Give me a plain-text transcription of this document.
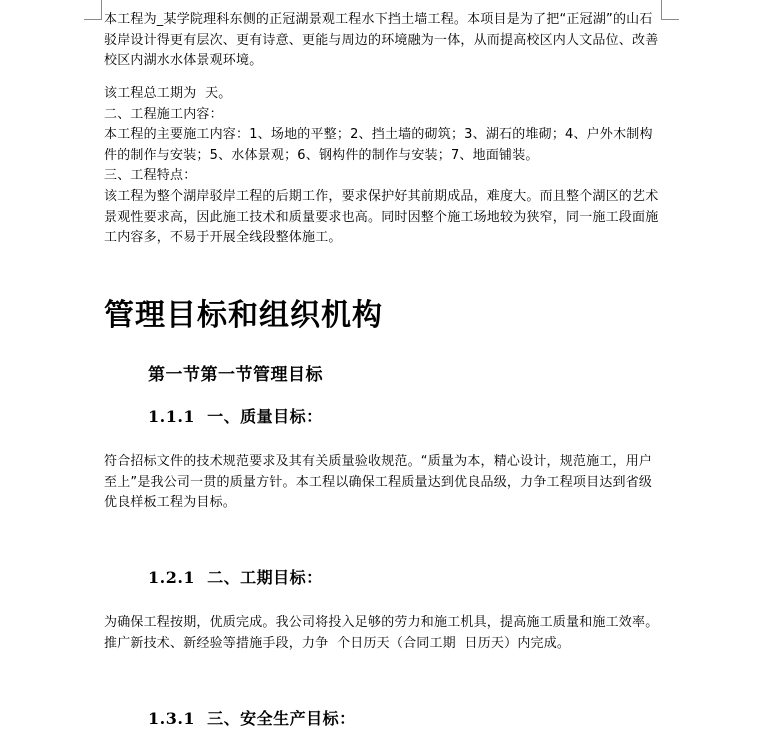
本工程为_某学院理科东侧的正冠湖景观工程水下挡土墙工程。本项目是为了把“正冠湖”的山石驳岸设计得更有层次、更有诗意、更能与周边的环境融为一体，从而提高校区内人文品位、改善校区内湖水水体景观环境。
该工程总工期为  天。
二、工程施工内容：
本工程的主要施工内容：1、场地的平整；2、挡土墙的砌筑；3、湖石的堆砌；4、户外木制构件的制作与安装；5、水体景观；6、钢构件的制作与安装；7、地面铺装。
三、工程特点：
该工程为整个湖岸驳岸工程的后期工作，要求保护好其前期成品，难度大。而且整个湖区的艺术景观性要求高，因此施工技术和质量要求也高。同时因整个施工场地较为狭窄，同一施工段面施工内容多，不易于开展全线段整体施工。
管理目标和组织机构
第一节第一节管理目标
1.1.1  一、质量目标：
符合招标文件的技术规范要求及其有关质量验收规范。“质量为本，精心设计，规范施工，用户至上”是我公司一贯的质量方针。本工程以确保工程质量达到优良品级，力争工程项目达到省级优良样板工程为目标。
1.2.1  二、工期目标：
为确保工程按期，优质完成。我公司将投入足够的劳力和施工机具，提高施工质量和施工效率。推广新技术、新经验等措施手段，力争  个日历天（合同工期  日历天）内完成。
1.3.1  三、安全生产目标：
